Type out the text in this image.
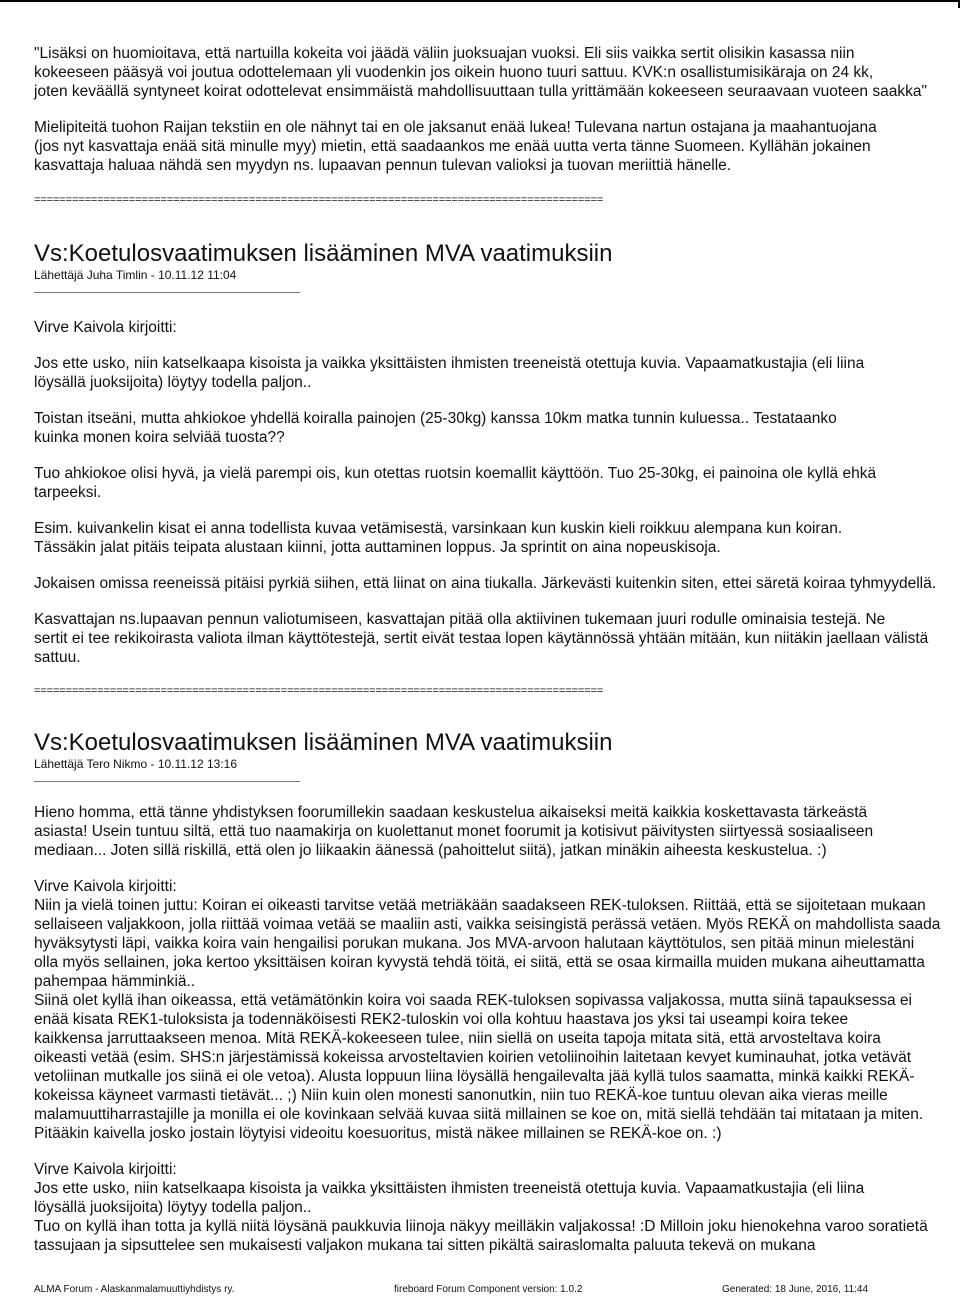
"Lisäksi on huomioitava, että nartuilla kokeita voi jäädä väliin juoksuajan vuoksi. Eli siis vaikka sertit olisikin kasassa niin

kokeeseen pääsyä voi joutua odottelemaan yli vuodenkin jos oikein huono tuuri sattuu. KVK:n osallistumisikäraja on 24 kk,

joten keväällä syntyneet koirat odottelevat ensimmäistä mahdollisuuttaan tulla yrittämään kokeeseen seuraavaan vuoteen saakka"

Mielipiteitä tuohon Raijan tekstiin en ole nähnyt tai en ole jaksanut enää lukea! Tulevana nartun ostajana ja maahantuojana

(jos nyt kasvattaja enää sitä minulle myy) mietin, että saadaankos me enää uutta verta tänne Suomeen. Kyllähän jokainen

kasvattaja haluaa nähdä sen myydyn ns. lupaavan pennun tulevan valioksi ja tuovan meriittiä hänelle.

==========================================================================================

Vs:Koetulosvaatimuksen lisääminen MVA vaatimuksiin

Lähettäjä Juha Timlin - 10.11.12 11:04

Virve Kaivola kirjoitti:

Jos ette usko, niin katselkaapa kisoista ja vaikka yksittäisten ihmisten treeneistä otettuja kuvia. Vapaamatkustajia (eli liina

löysällä juoksijoita) löytyy todella paljon..

Toistan itseäni, mutta ahkiokoe yhdellä koiralla painojen (25-30kg) kanssa 10km matka tunnin kuluessa.. Testataanko

kuinka monen koira selviää tuosta??

Tuo ahkiokoe olisi hyvä, ja vielä parempi ois, kun otettas ruotsin koemallit käyttöön. Tuo 25-30kg, ei painoina ole kyllä ehkä

tarpeeksi.

Esim. kuivankelin kisat ei anna todellista kuvaa vetämisestä, varsinkaan kun kuskin kieli roikkuu alempana kun koiran.

Tässäkin jalat pitäis teipata alustaan kiinni, jotta auttaminen loppus. Ja sprintit on aina nopeuskisoja.

Jokaisen omissa reeneissä pitäisi pyrkiä siihen, että liinat on aina tiukalla. Järkevästi kuitenkin siten, ettei säretä koiraa tyhmyydellä.

Kasvattajan ns.lupaavan pennun valiotumiseen, kasvattajan pitää olla aktiivinen tukemaan juuri rodulle ominaisia testejä. Ne

sertit ei tee rekikoirasta valiota ilman käyttötestejä, sertit eivät testaa lopen käytännössä yhtään mitään, kun niitäkin jaellaan välistä

sattuu.

==========================================================================================

Vs:Koetulosvaatimuksen lisääminen MVA vaatimuksiin

Lähettäjä Tero Nikmo - 10.11.12 13:16

Hieno homma, että tänne yhdistyksen foorumillekin saadaan keskustelua aikaiseksi meitä kaikkia koskettavasta tärkeästä

asiasta! Usein tuntuu siltä, että tuo naamakirja on kuolettanut monet foorumit ja kotisivut päivitysten siirtyessä sosiaaliseen

mediaan... Joten sillä riskillä, että olen jo liikaakin äänessä (pahoittelut siitä), jatkan minäkin aiheesta keskustelua. :)

Virve Kaivola kirjoitti:

Niin ja vielä toinen juttu: Koiran ei oikeasti tarvitse vetää metriäkään saadakseen REK-tuloksen. Riittää, että se sijoitetaan mukaan

sellaiseen valjakkoon, jolla riittää voimaa vetää se maaliin asti, vaikka seisingistä perässä vetäen. Myös REKÄ on mahdollista saada

hyväksytysti läpi, vaikka koira vain hengailisi porukan mukana. Jos MVA-arvoon halutaan käyttötulos, sen pitää minun mielestäni

olla myös sellainen, joka kertoo yksittäisen koiran kyvystä tehdä töitä, ei siitä, että se osaa kirmailla muiden mukana aiheuttamatta

pahempaa hämminkiä..

Siinä olet kyllä ihan oikeassa, että vetämätönkin koira voi saada REK-tuloksen sopivassa valjakossa, mutta siinä tapauksessa ei

enää kisata REK1-tuloksista ja todennäköisesti REK2-tuloskin voi olla kohtuu haastava jos yksi tai useampi koira tekee

kaikkensa jarruttaakseen menoa. Mitä REKÄ-kokeeseen tulee, niin siellä on useita tapoja mitata sitä, että arvosteltava koira

oikeasti vetää (esim. SHS:n järjestämissä kokeissa arvosteltavien koirien vetoliinoihin laitetaan kevyet kuminauhat, jotka vetävät

vetoliinan mutkalle jos siinä ei ole vetoa). Alusta loppuun liina löysällä hengailevalta jää kyllä tulos saamatta, minkä kaikki REKÄ-

kokeissa käyneet varmasti tietävät... ;) Niin kuin olen monesti sanonutkin, niin tuo REKÄ-koe tuntuu olevan aika vieras meille

malamuuttiharrastajille ja monilla ei ole kovinkaan selvää kuvaa siitä millainen se koe on, mitä siellä tehdään tai mitataan ja miten.

Pitääkin kaivella josko jostain löytyisi videoitu koesuoritus, mistä näkee millainen se REKÄ-koe on. :)

Virve Kaivola kirjoitti:

Jos ette usko, niin katselkaapa kisoista ja vaikka yksittäisten ihmisten treeneistä otettuja kuvia. Vapaamatkustajia (eli liina

löysällä juoksijoita) löytyy todella paljon..

Tuo on kyllä ihan totta ja kyllä niitä löysänä paukkuvia liinoja näkyy meilläkin valjakossa! :D Milloin joku hienokehna varoo soratietä

tassujaan ja sipsuttelee sen mukaisesti valjakon mukana tai sitten pikältä sairaslomalta paluuta tekevä on mukana

ALMA Forum - Alaskanmalamuuttiyhdistys ry.	fireboard Forum Component version: 1.0.2	Generated: 18 June, 2016, 11:44
